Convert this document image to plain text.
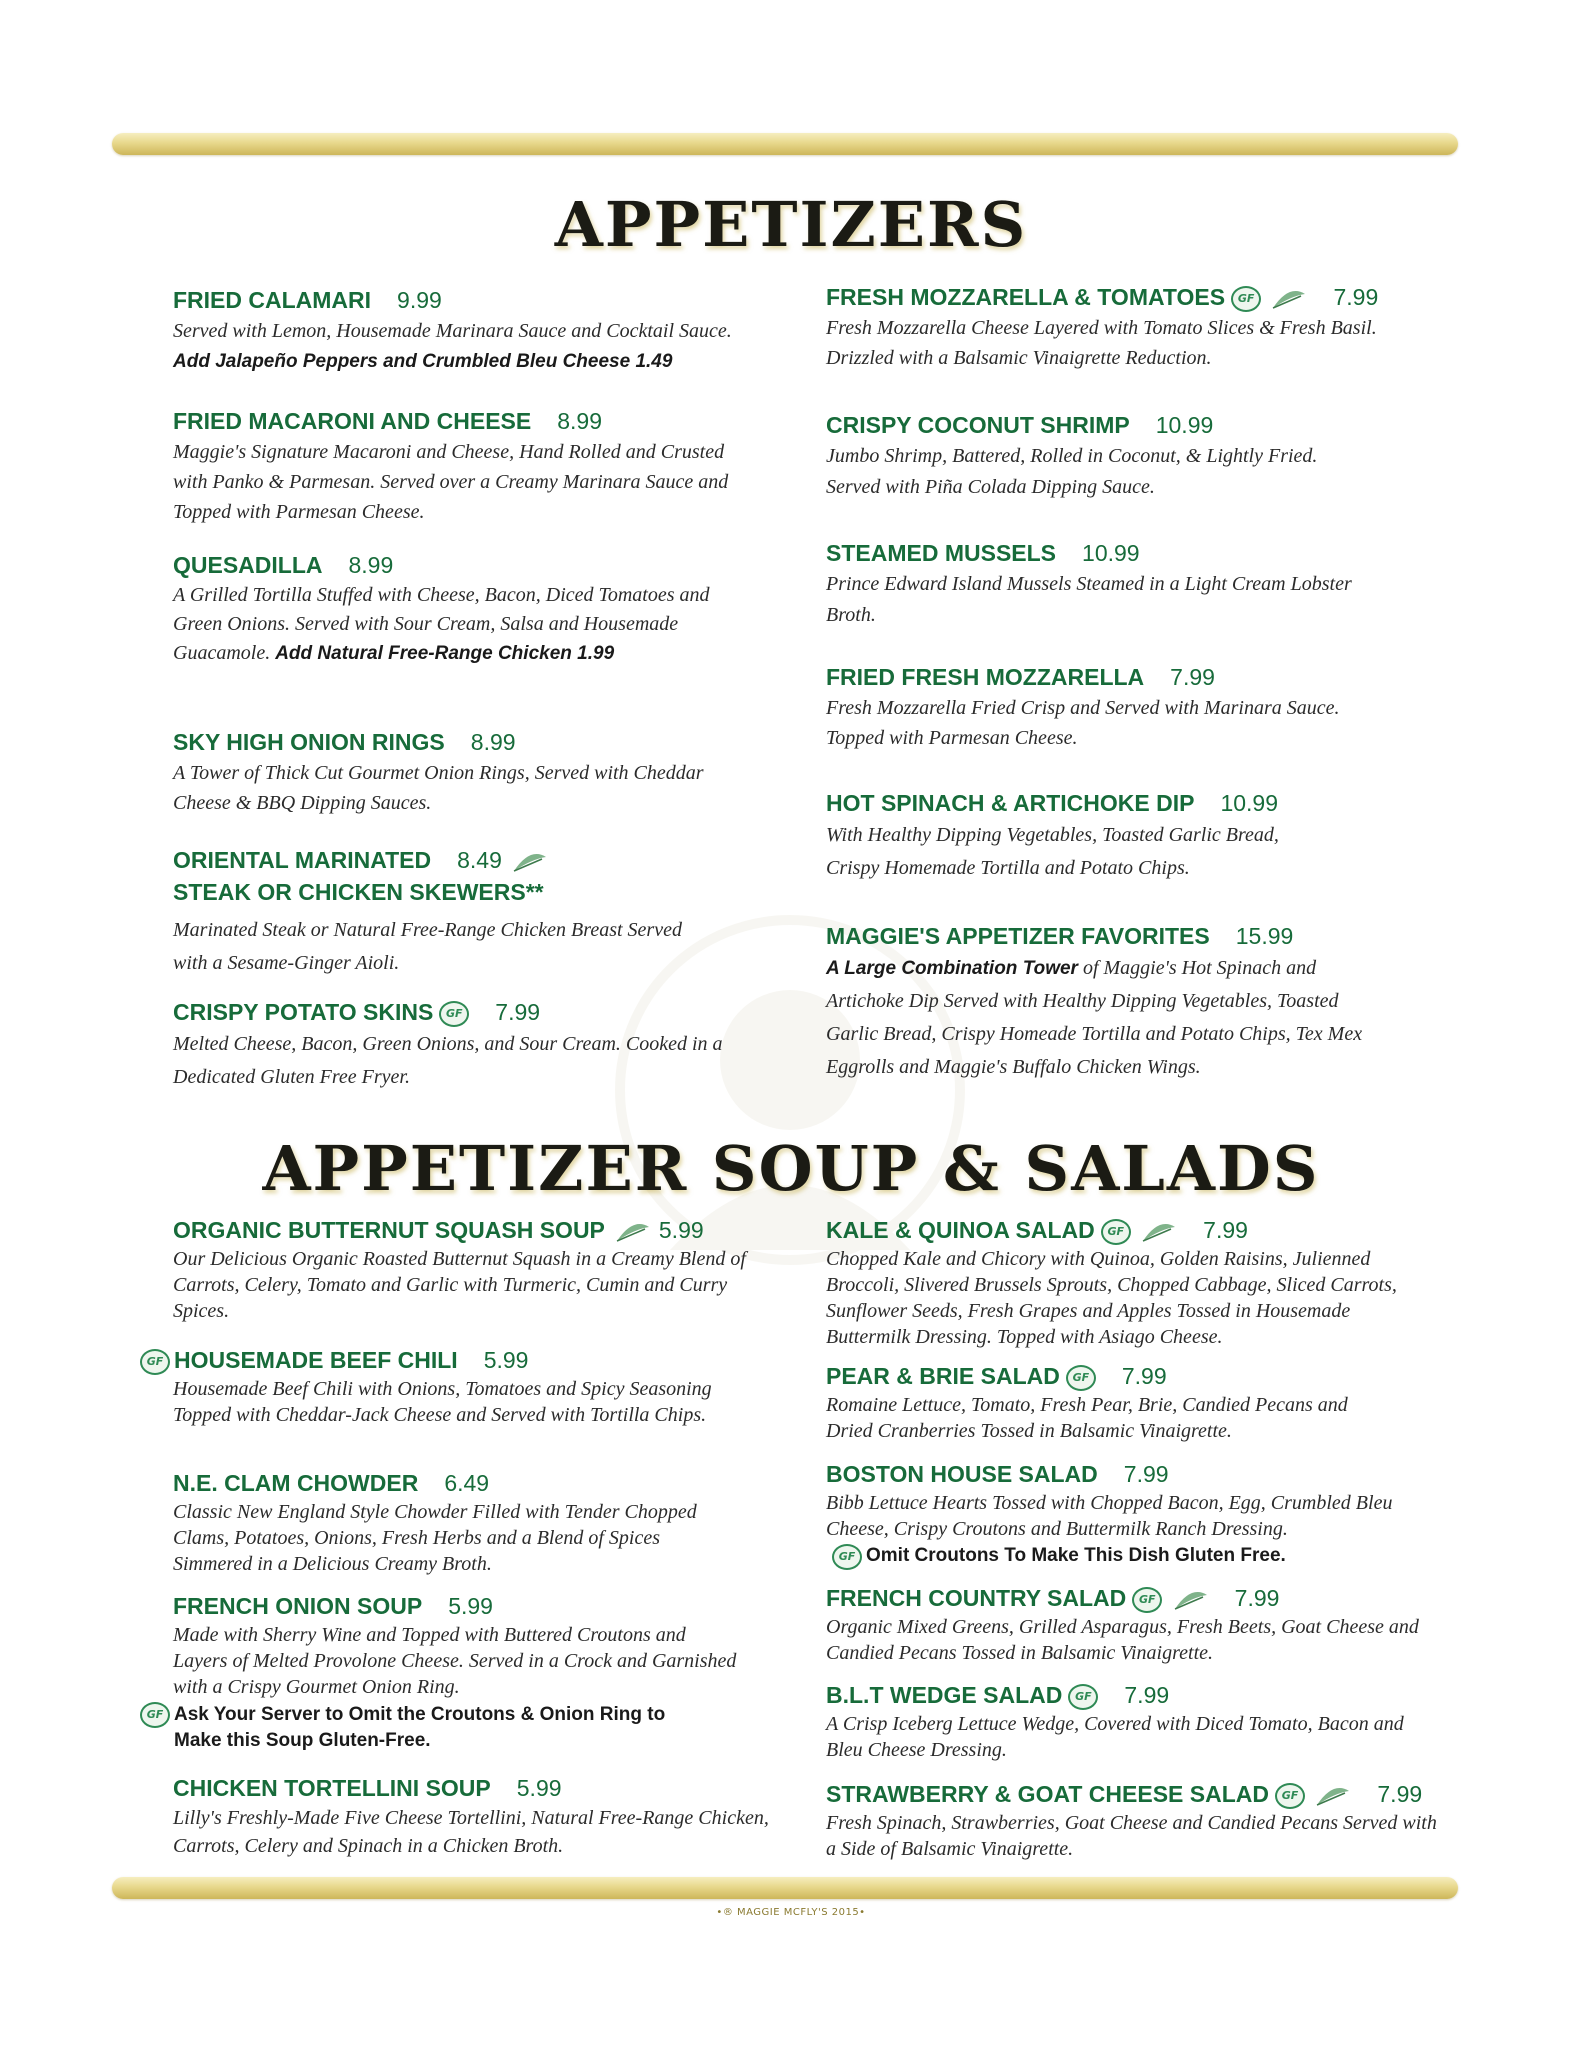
APPETIZERS
FRIED CALAMARI 9.99
Served with Lemon, Housemade Marinara Sauce and Cocktail Sauce. Add Jalapeño Peppers and Crumbled Bleu Cheese 1.49
FRIED MACARONI AND CHEESE 8.99
Maggie's Signature Macaroni and Cheese, Hand Rolled and Crusted with Panko & Parmesan. Served over a Creamy Marinara Sauce and Topped with Parmesan Cheese.
QUESADILLA 8.99
A Grilled Tortilla Stuffed with Cheese, Bacon, Diced Tomatoes and Green Onions. Served with Sour Cream, Salsa and Housemade Guacamole. Add Natural Free-Range Chicken 1.99
SKY HIGH ONION RINGS 8.99
A Tower of Thick Cut Gourmet Onion Rings, Served with Cheddar Cheese & BBQ Dipping Sauces.
ORIENTAL MARINATED 8.49
STEAK OR CHICKEN SKEWERS**
Marinated Steak or Natural Free-Range Chicken Breast Served with a Sesame-Ginger Aioli.
CRISPY POTATO SKINS GF 7.99
Melted Cheese, Bacon, Green Onions, and Sour Cream. Cooked in a Dedicated Gluten Free Fryer.
FRESH MOZZARELLA & TOMATOES GF	7.99
Fresh Mozzarella Cheese Layered with Tomato Slices & Fresh Basil. Drizzled with a Balsamic Vinaigrette Reduction.
CRISPY COCONUT SHRIMP 10.99
Jumbo Shrimp, Battered, Rolled in Coconut, & Lightly Fried. Served with Piña Colada Dipping Sauce.
STEAMED MUSSELS 10.99
Prince Edward Island Mussels Steamed in a Light Cream Lobster Broth.
FRIED FRESH MOZZARELLA 7.99
Fresh Mozzarella Fried Crisp and Served with Marinara Sauce. Topped with Parmesan Cheese.
HOT SPINACH & ARTICHOKE DIP 10.99
With Healthy Dipping Vegetables, Toasted Garlic Bread, Crispy Homemade Tortilla and Potato Chips.
MAGGIE'S APPETIZER FAVORITES 15.99
A Large Combination Tower of Maggie's Hot Spinach and Artichoke Dip Served with Healthy Dipping Vegetables, Toasted Garlic Bread, Crispy Homeade Tortilla and Potato Chips, Tex Mex Eggrolls and Maggie's Buffalo Chicken Wings.
APPETIZER SOUP & SALADS
ORGANIC BUTTERNUT SQUASH SOUP 5.99
Our Delicious Organic Roasted Butternut Squash in a Creamy Blend of Carrots, Celery, Tomato and Garlic with Turmeric, Cumin and Curry Spices.
GF HOUSEMADE BEEF CHILI 5.99
Housemade Beef Chili with Onions, Tomatoes and Spicy Seasoning Topped with Cheddar-Jack Cheese and Served with Tortilla Chips.
N.E. CLAM CHOWDER 6.49
Classic New England Style Chowder Filled with Tender Chopped Clams, Potatoes, Onions, Fresh Herbs and a Blend of Spices Simmered in a Delicious Creamy Broth.
FRENCH ONION SOUP 5.99
Made with Sherry Wine and Topped with Buttered Croutons and Layers of Melted Provolone Cheese. Served in a Crock and Garnished with a Crispy Gourmet Onion Ring.
GF Ask Your Server to Omit the Croutons & Onion Ring to Make this Soup Gluten-Free.
CHICKEN TORTELLINI SOUP 5.99
Lilly's Freshly-Made Five Cheese Tortellini, Natural Free-Range Chicken, Carrots, Celery and Spinach in a Chicken Broth.
KALE & QUINOA SALAD GF	7.99
Chopped Kale and Chicory with Quinoa, Golden Raisins, Julienned Broccoli, Slivered Brussels Sprouts, Chopped Cabbage, Sliced Carrots, Sunflower Seeds, Fresh Grapes and Apples Tossed in Housemade Buttermilk Dressing. Topped with Asiago Cheese.
PEAR & BRIE SALAD GF 7.99
Romaine Lettuce, Tomato, Fresh Pear, Brie, Candied Pecans and Dried Cranberries Tossed in Balsamic Vinaigrette.
BOSTON HOUSE SALAD 7.99
Bibb Lettuce Hearts Tossed with Chopped Bacon, Egg, Crumbled Bleu Cheese, Crispy Croutons and Buttermilk Ranch Dressing.
GF Omit Croutons To Make This Dish Gluten Free.
FRENCH COUNTRY SALAD GF	7.99
Organic Mixed Greens, Grilled Asparagus, Fresh Beets, Goat Cheese and Candied Pecans Tossed in Balsamic Vinaigrette.
B.L.T WEDGE SALAD GF 7.99
A Crisp Iceberg Lettuce Wedge, Covered with Diced Tomato, Bacon and Bleu Cheese Dressing.
STRAWBERRY & GOAT CHEESE SALAD GF	7.99
Fresh Spinach, Strawberries, Goat Cheese and Candied Pecans Served with a Side of Balsamic Vinaigrette.
•® MAGGIE MCFLY'S 2015•
